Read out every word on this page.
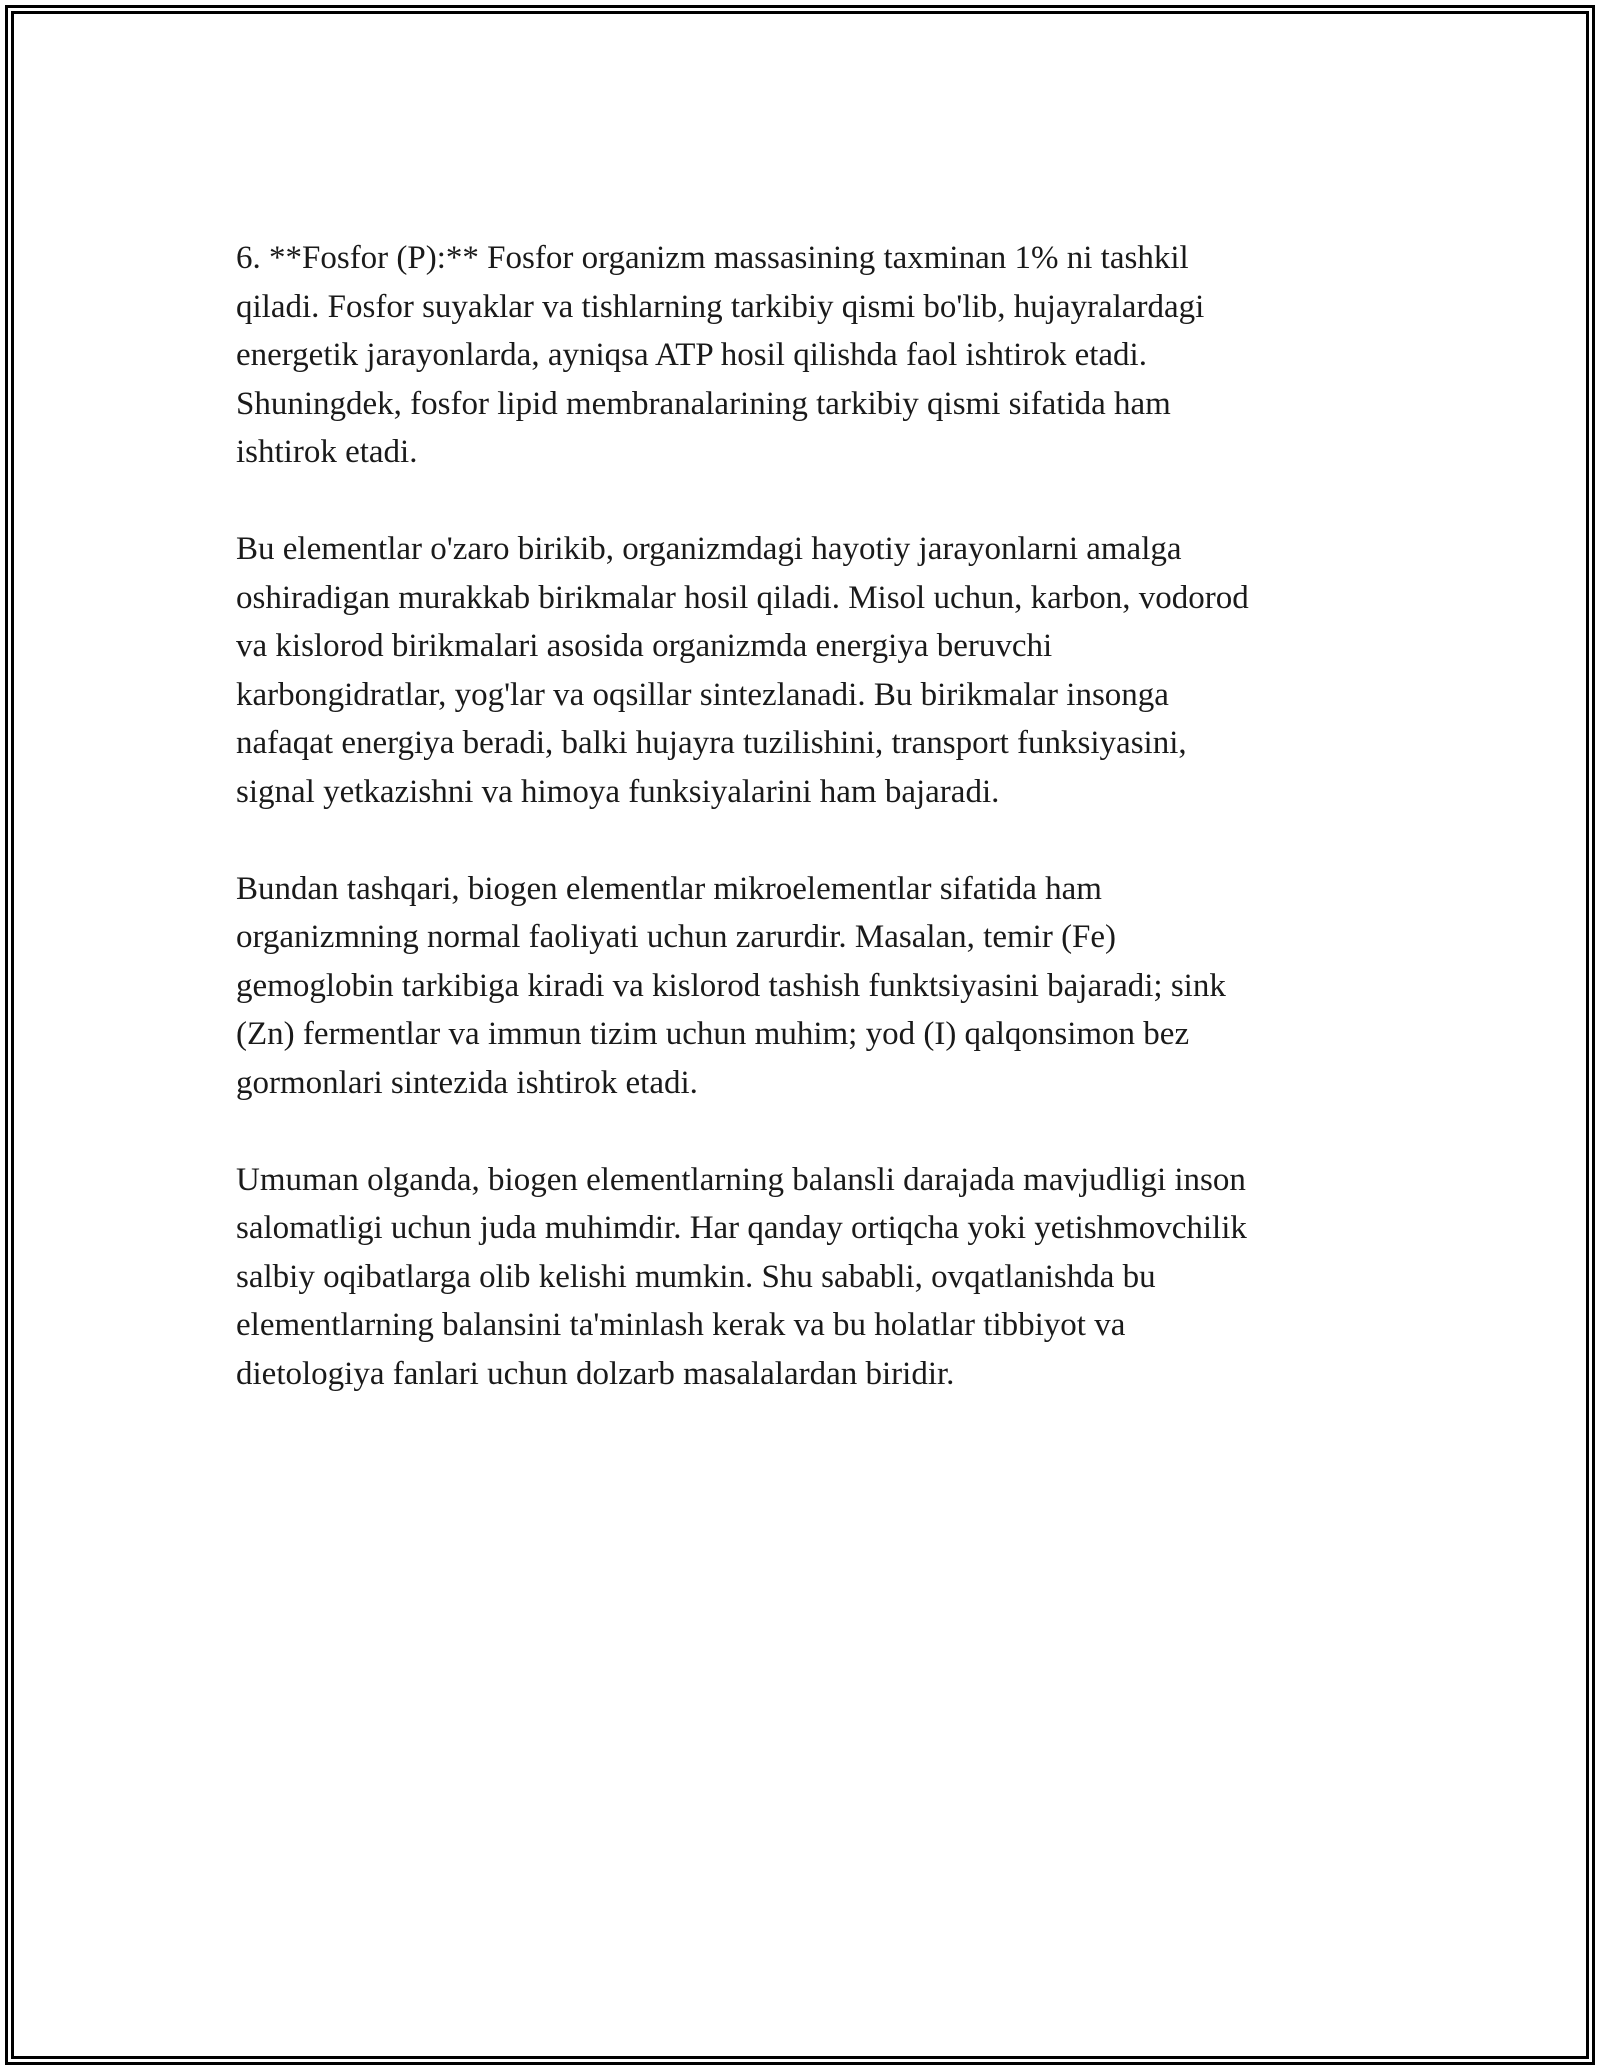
6. **Fosfor (P):** Fosfor organizm massasining taxminan 1% ni tashkil
qiladi. Fosfor suyaklar va tishlarning tarkibiy qismi bo'lib, hujayralardagi
energetik jarayonlarda, ayniqsa ATP hosil qilishda faol ishtirok etadi.
Shuningdek, fosfor lipid membranalarining tarkibiy qismi sifatida ham
ishtirok etadi.

Bu elementlar o'zaro birikib, organizmdagi hayotiy jarayonlarni amalga
oshiradigan murakkab birikmalar hosil qiladi. Misol uchun, karbon, vodorod
va kislorod birikmalari asosida organizmda energiya beruvchi
karbongidratlar, yog'lar va oqsillar sintezlanadi. Bu birikmalar insonga
nafaqat energiya beradi, balki hujayra tuzilishini, transport funksiyasini,
signal yetkazishni va himoya funksiyalarini ham bajaradi.

Bundan tashqari, biogen elementlar mikroelementlar sifatida ham
organizmning normal faoliyati uchun zarurdir. Masalan, temir (Fe)
gemoglobin tarkibiga kiradi va kislorod tashish funktsiyasini bajaradi; sink
(Zn) fermentlar va immun tizim uchun muhim; yod (I) qalqonsimon bez
gormonlari sintezida ishtirok etadi.

Umuman olganda, biogen elementlarning balansli darajada mavjudligi inson
salomatligi uchun juda muhimdir. Har qanday ortiqcha yoki yetishmovchilik
salbiy oqibatlarga olib kelishi mumkin. Shu sababli, ovqatlanishda bu
elementlarning balansini ta'minlash kerak va bu holatlar tibbiyot va
dietologiya fanlari uchun dolzarb masalalardan biridir.
